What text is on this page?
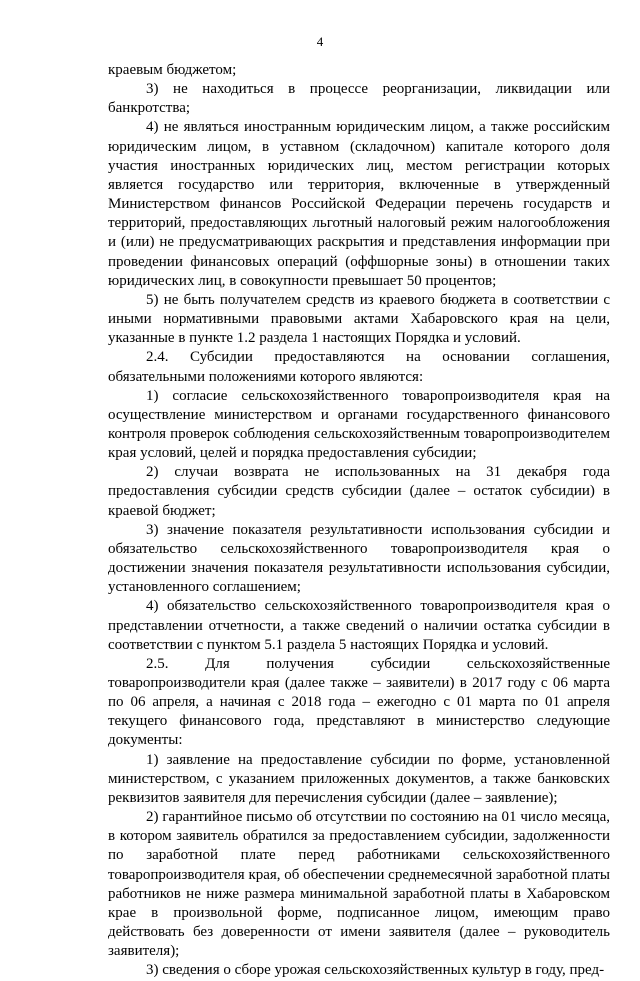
4

краевым бюджетом;

3) не находиться в процессе реорганизации, ликвидации или банкротства;

4) не являться иностранным юридическим лицом, а также российским юридическим лицом, в уставном (складочном) капитале которого доля участия иностранных юридических лиц, местом регистрации которых является государство или территория, включенные в утвержденный Министерством финансов Российской Федерации перечень государств и территорий, предоставляющих льготный налоговый режим налогообложения и (или) не предусматривающих раскрытия и представления информации при проведении финансовых операций (оффшорные зоны) в отношении таких юридических лиц, в совокупности превышает 50 процентов;

5) не быть получателем средств из краевого бюджета в соответствии с иными нормативными правовыми актами Хабаровского края на цели, указанные в пункте 1.2 раздела 1 настоящих Порядка и условий.

2.4. Субсидии предоставляются на основании соглашения, обязательными положениями которого являются:

1) согласие сельскохозяйственного товаропроизводителя края на осуществление министерством и органами государственного финансового контроля проверок соблюдения сельскохозяйственным товаропроизводителем края условий, целей и порядка предоставления субсидии;

2) случаи возврата не использованных на 31 декабря года предоставления субсидии средств субсидии (далее – остаток субсидии) в краевой бюджет;

3) значение показателя результативности использования субсидии и обязательство сельскохозяйственного товаропроизводителя края о достижении значения показателя результативности использования субсидии, установленного соглашением;

4) обязательство сельскохозяйственного товаропроизводителя края о представлении отчетности, а также сведений о наличии остатка субсидии в соответствии с пунктом 5.1 раздела 5 настоящих Порядка и условий.

2.5. Для получения субсидии сельскохозяйственные товаропроизводители края (далее также – заявители) в 2017 году с 06 марта по 06 апреля, а начиная с 2018 года – ежегодно с 01 марта по 01 апреля текущего финансового года, представляют в министерство следующие документы:

1) заявление на предоставление субсидии по форме, установленной министерством, с указанием приложенных документов, а также банковских реквизитов заявителя для перечисления субсидии (далее – заявление);

2) гарантийное письмо об отсутствии по состоянию на 01 число месяца, в котором заявитель обратился за предоставлением субсидии, задолженности по заработной плате перед работниками сельскохозяйственного товаропроизводителя края, об обеспечении среднемесячной заработной платы работников не ниже размера минимальной заработной платы в Хабаровском крае в произвольной форме, подписанное лицом, имеющим право действовать без доверенности от имени заявителя (далее – руководитель заявителя);

3) сведения о сборе урожая сельскохозяйственных культур в году, пред-
